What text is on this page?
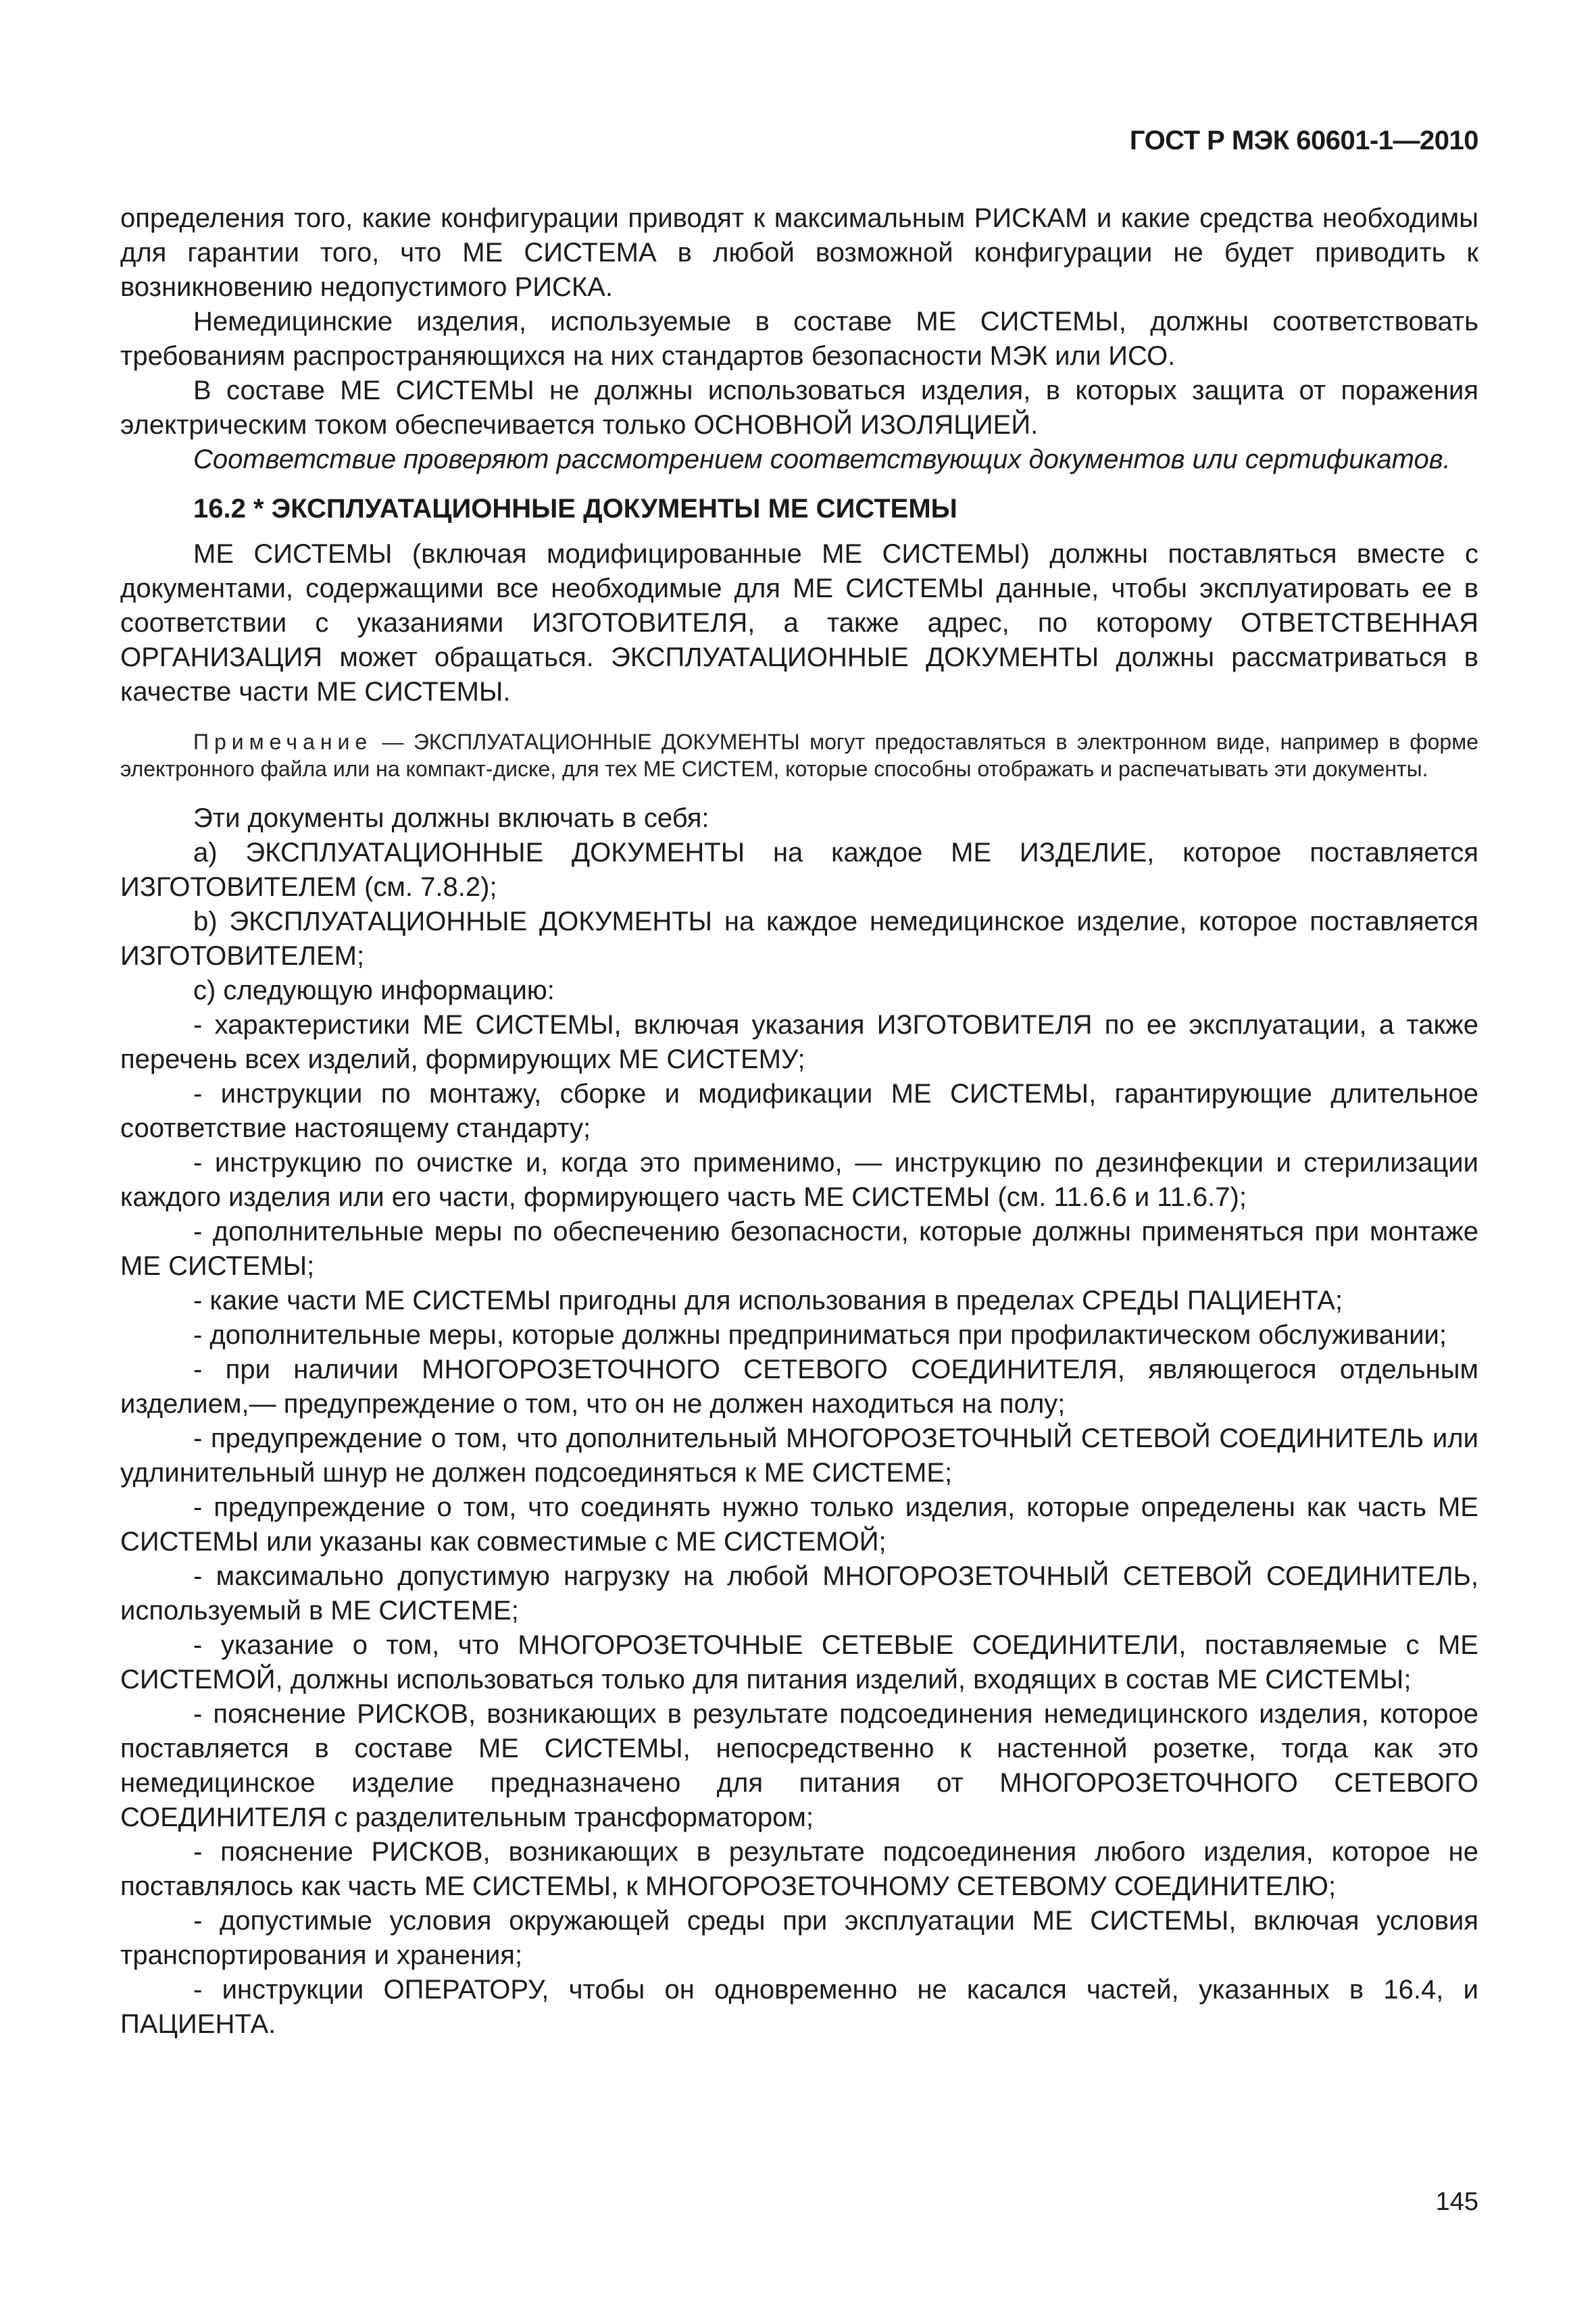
ГОСТ Р МЭК 60601-1—2010

определения того, какие конфигурации приводят к максимальным РИСКАМ и какие средства необходимы для гарантии того, что МЕ СИСТЕМА в любой возможной конфигурации не будет приводить к возникновению недопустимого РИСКА.

Немедицинские изделия, используемые в составе МЕ СИСТЕМЫ, должны соответствовать требованиям распространяющихся на них стандартов безопасности МЭК или ИСО.

В составе МЕ СИСТЕМЫ не должны использоваться изделия, в которых защита от поражения электрическим током обеспечивается только ОСНОВНОЙ ИЗОЛЯЦИЕЙ.

Соответствие проверяют рассмотрением соответствующих документов или сертификатов.

16.2 * ЭКСПЛУАТАЦИОННЫЕ ДОКУМЕНТЫ МЕ СИСТЕМЫ

МЕ СИСТЕМЫ (включая модифицированные МЕ СИСТЕМЫ) должны поставляться вместе с документами, содержащими все необходимые для МЕ СИСТЕМЫ данные, чтобы эксплуатировать ее в соответствии с указаниями ИЗГОТОВИТЕЛЯ, а также адрес, по которому ОТВЕТСТВЕННАЯ ОРГАНИЗАЦИЯ может обращаться. ЭКСПЛУАТАЦИОННЫЕ ДОКУМЕНТЫ должны рассматриваться в качестве части МЕ СИСТЕМЫ.

Примечание — ЭКСПЛУАТАЦИОННЫЕ ДОКУМЕНТЫ могут предоставляться в электронном виде, например в форме электронного файла или на компакт-диске, для тех МЕ СИСТЕМ, которые способны отображать и распечатывать эти документы.

Эти документы должны включать в себя:

a) ЭКСПЛУАТАЦИОННЫЕ ДОКУМЕНТЫ на каждое МЕ ИЗДЕЛИЕ, которое поставляется ИЗГОТОВИТЕЛЕМ (см. 7.8.2);

b) ЭКСПЛУАТАЦИОННЫЕ ДОКУМЕНТЫ на каждое немедицинское изделие, которое поставляется ИЗГОТОВИТЕЛЕМ;

c) следующую информацию:

- характеристики МЕ СИСТЕМЫ, включая указания ИЗГОТОВИТЕЛЯ по ее эксплуатации, а также перечень всех изделий, формирующих МЕ СИСТЕМУ;

- инструкции по монтажу, сборке и модификации МЕ СИСТЕМЫ, гарантирующие длительное соответствие настоящему стандарту;

- инструкцию по очистке и, когда это применимо, — инструкцию по дезинфекции и стерилизации каждого изделия или его части, формирующего часть МЕ СИСТЕМЫ (см. 11.6.6 и 11.6.7);

- дополнительные меры по обеспечению безопасности, которые должны применяться при монтаже МЕ СИСТЕМЫ;

- какие части МЕ СИСТЕМЫ пригодны для использования в пределах СРЕДЫ ПАЦИЕНТА;

- дополнительные меры, которые должны предприниматься при профилактическом обслуживании;

- при наличии МНОГОРОЗЕТОЧНОГО СЕТЕВОГО СОЕДИНИТЕЛЯ, являющегося отдельным изделием,— предупреждение о том, что он не должен находиться на полу;

- предупреждение о том, что дополнительный МНОГОРОЗЕТОЧНЫЙ СЕТЕВОЙ СОЕДИНИТЕЛЬ или удлинительный шнур не должен подсоединяться к МЕ СИСТЕМЕ;

- предупреждение о том, что соединять нужно только изделия, которые определены как часть МЕ СИСТЕМЫ или указаны как совместимые с МЕ СИСТЕМОЙ;

- максимально допустимую нагрузку на любой МНОГОРОЗЕТОЧНЫЙ СЕТЕВОЙ СОЕДИНИТЕЛЬ, используемый в МЕ СИСТЕМЕ;

- указание о том, что МНОГОРОЗЕТОЧНЫЕ СЕТЕВЫЕ СОЕДИНИТЕЛИ, поставляемые с МЕ СИСТЕМОЙ, должны использоваться только для питания изделий, входящих в состав МЕ СИСТЕМЫ;

- пояснение РИСКОВ, возникающих в результате подсоединения немедицинского изделия, которое поставляется в составе МЕ СИСТЕМЫ, непосредственно к настенной розетке, тогда как это немедицинское изделие предназначено для питания от МНОГОРОЗЕТОЧНОГО СЕТЕВОГО СОЕДИНИТЕЛЯ с разделительным трансформатором;

- пояснение РИСКОВ, возникающих в результате подсоединения любого изделия, которое не поставлялось как часть МЕ СИСТЕМЫ, к МНОГОРОЗЕТОЧНОМУ СЕТЕВОМУ СОЕДИНИТЕЛЮ;

- допустимые условия окружающей среды при эксплуатации МЕ СИСТЕМЫ, включая условия транспортирования и хранения;

- инструкции ОПЕРАТОРУ, чтобы он одновременно не касался частей, указанных в 16.4, и ПАЦИЕНТА.

145
